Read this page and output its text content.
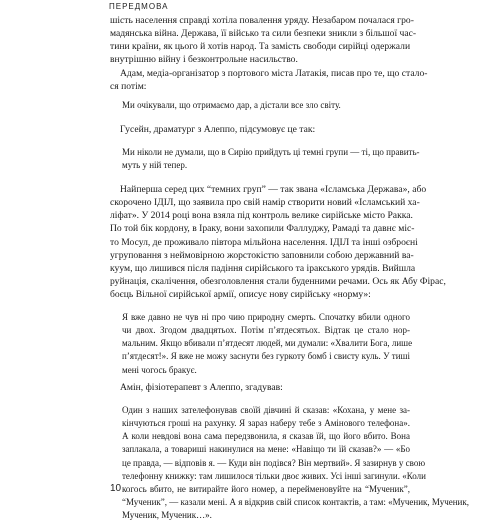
ПЕРЕДМОВА
шість населення справді хотіла повалення уряду. Незабаром почалася гро-
мадянська війна. Держава, її військо та сили безпеки зникли з більшої час-
тини країни, як цього й хотів народ. Та замість свободи сирійці одержали
внутрішню війну і безконтрольне насильство.
Адам, медіа-організатор з портового міста Латакія, писав про те, що стало-
ся потім:
Ми очікували, що отримаємо дар, а дістали все зло світу.
Гусейн, драматург з Алеппо, підсумовує це так:
Ми ніколи не думали, що в Сирію прийдуть ці темні групи — ті, що править-
муть у ній тепер.
Найперша серед цих “темних груп” — так звана «Ісламська Держава», або
скорочено ІДІЛ, що заявила про свій намір створити новий «Ісламський ха-
ліфат». У 2014 році вона взяла під контроль велике сирійське місто Ракка.
По той бік кордону, в Іраку, вони захопили Фаллуджу, Рамаді та давнє міс-
то Мосул, де проживало півтора мільйона населення. ІДІЛ та інші озброєні
угруповання з неймовірною жорстокістю заповнили собою державний ва-
куум, що лишився після падіння сирійського та іракського урядів. Вийшла
руйнація, скалічення, обезголовлення стали буденними речами. Ось як Абу Фірас,
боєць Вільної сирійської армії, описує нову сирійську «норму»:
Я вже давно не чув ні про чию природну смерть. Спочатку вбили одного
чи двох. Згодом двадцятьох. Потім п’ятдесятьох. Відтак це стало нор-
мальним. Якщо вбивали п’ятдесят людей, ми думали: «Хвалити Бога, лише
п’ятдесят!». Я вже не можу заснути без гуркоту бомб і свисту куль. У тиші
мені чогось бракує.
Амін, фізіотерапевт з Алеппо, згадував:
Один з наших зателефонував своїй дівчині й сказав: «Кохана, у мене за-
кінчуються гроші на рахунку. Я зараз наберу тебе з Амінового телефона».
А коли невдові вона сама передзвонила, я сказав їй, що його вбито. Вона
заплакала, а товариші накинулися на мене: «Навіщо ти їй сказав?» — «Бо
це правда, — відповів я. — Куди він подівся? Він мертвий». Я зазирнув у свою
телефонну книжку: там лишилося тільки двоє живих. Усі інші загинули. «Коли
когось вбито, не витирайте його номер, а перейменовуйте на “Мученик”,
“Мученик”, — казали мені. А я відкрив свій список контактів, а там: «Мученик, Мученик,
Мученик, Мученик…».
10
